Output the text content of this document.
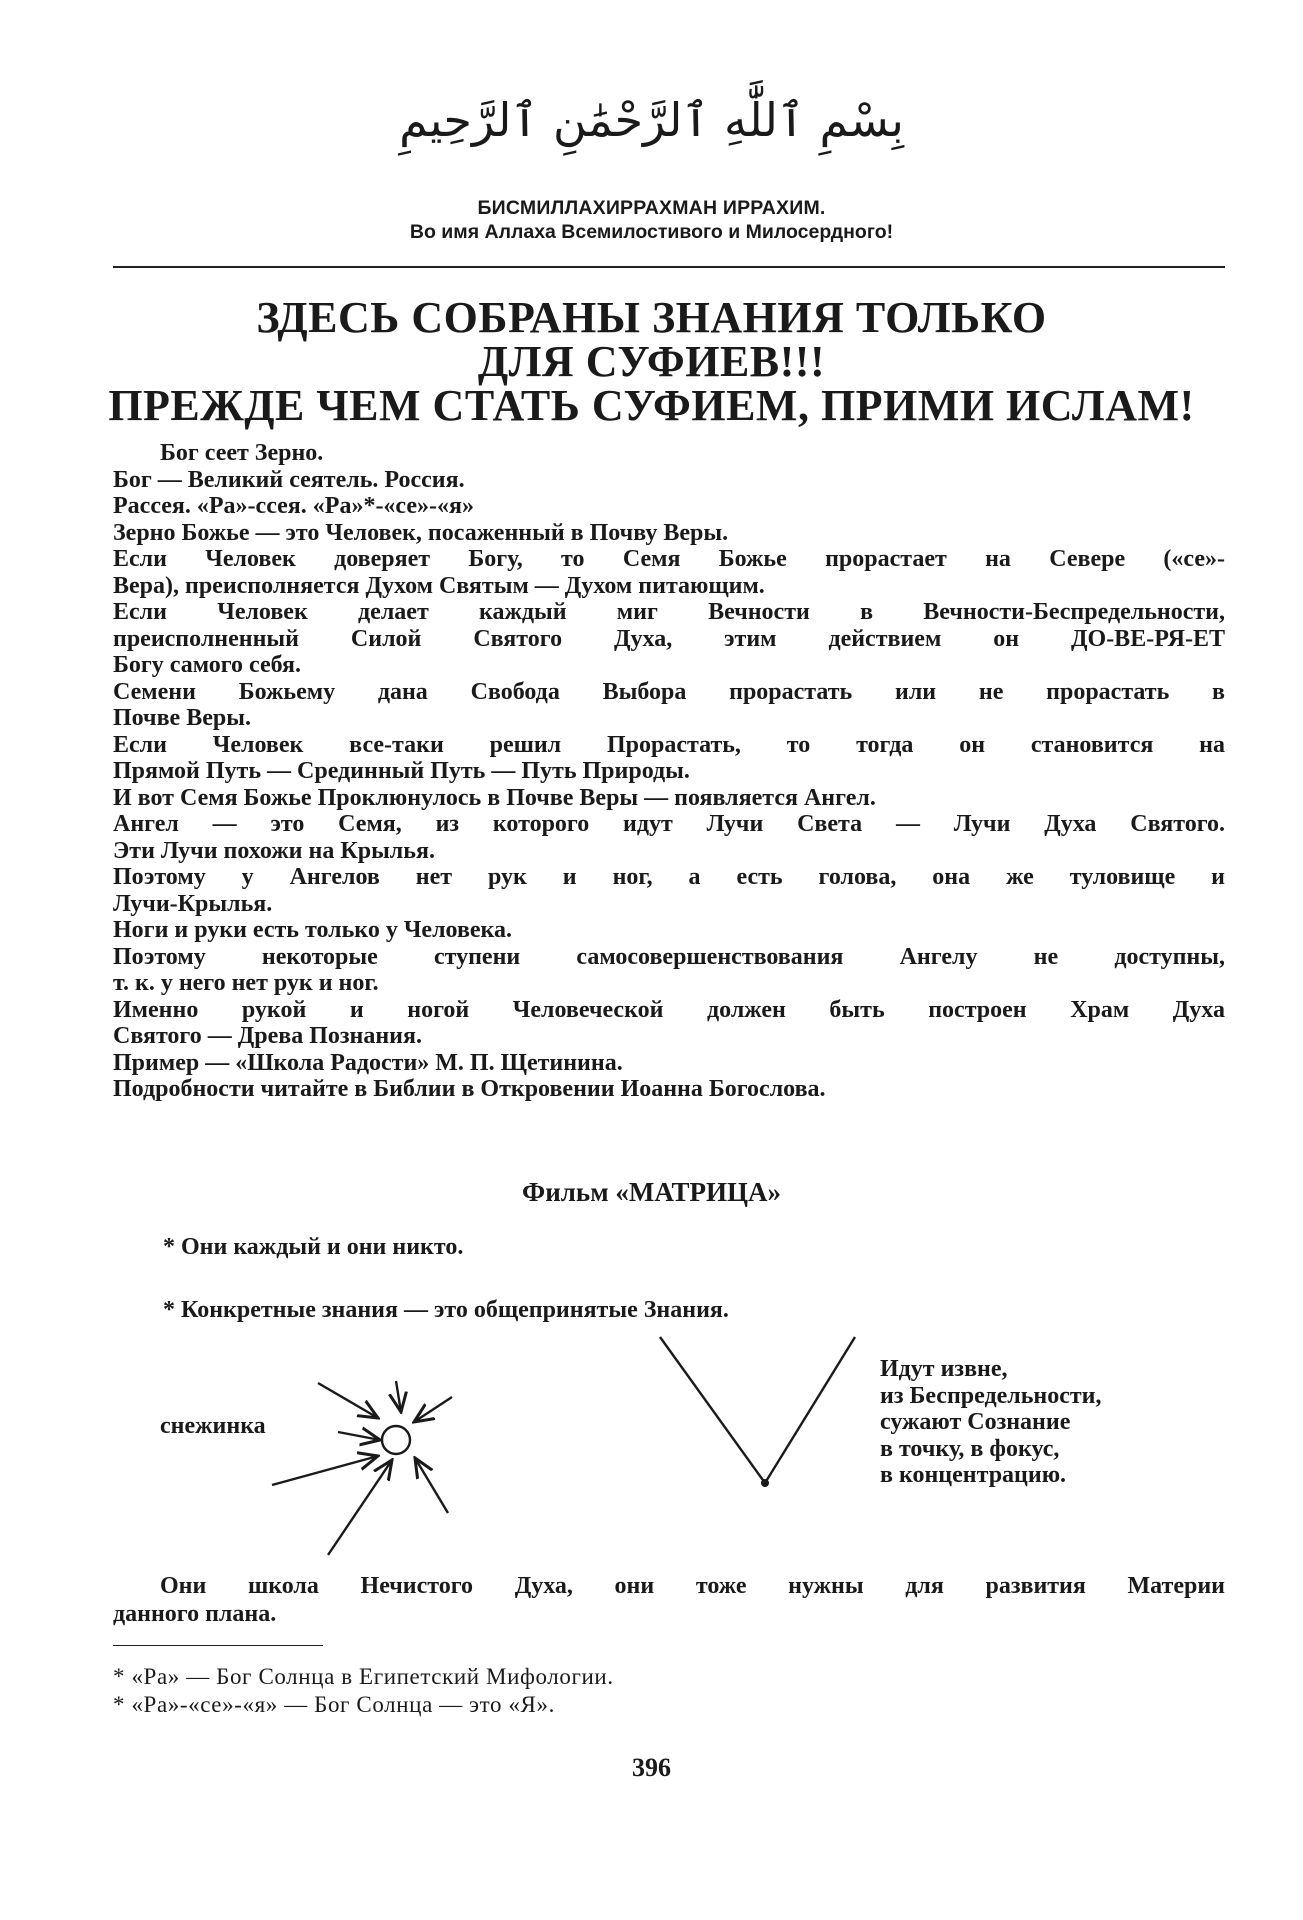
بِسْمِ ٱللَّٰهِ ٱلرَّحْمَٰنِ ٱلرَّحِيمِ
БИСМИЛЛАХИРРАХМАН ИРРАХИМ.
Во имя Аллаха Всемилостивого и Милосердного!
ЗДЕСЬ СОБРАНЫ ЗНАНИЯ ТОЛЬКО
ДЛЯ СУФИЕВ!!!
ПРЕЖДЕ ЧЕМ СТАТЬ СУФИЕМ, ПРИМИ ИСЛАМ!
Бог сеет Зерно.
Бог — Великий сеятель. Россия.
Рассея. «Ра»-ссея. «Ра»*-«се»-«я»
Зерно Божье — это Человек, посаженный в Почву Веры.
Если Человек доверяет Богу, то Семя Божье прорастает на Севере («се»-
Вера), преисполняется Духом Святым — Духом питающим.
Если Человек делает каждый миг Вечности в Вечности-Беспредельности,
преисполненный Силой Святого Духа, этим действием он ДО-ВЕ-РЯ-ЕТ
Богу самого себя.
Семени Божьему дана Свобода Выбора прорастать или не прорастать в
Почве Веры.
Если Человек все-таки решил Прорастать, то тогда он становится на
Прямой Путь — Срединный Путь — Путь Природы.
И вот Семя Божье Проклюнулось в Почве Веры — появляется Ангел.
Ангел — это Семя, из которого идут Лучи Света — Лучи Духа Святого.
Эти Лучи похожи на Крылья.
Поэтому у Ангелов нет рук и ног, а есть голова, она же туловище и
Лучи-Крылья.
Ноги и руки есть только у Человека.
Поэтому некоторые ступени самосовершенствования Ангелу не доступны,
т. к. у него нет рук и ног.
Именно рукой и ногой Человеческой должен быть построен Храм Духа
Святого — Древа Познания.
Пример — «Школа Радости» М. П. Щетинина.
Подробности читайте в Библии в Откровении Иоанна Богослова.
Фильм «МАТРИЦА»
* Они каждый и они никто.
* Конкретные знания — это общепринятые Знания.
снежинка
Идут извне,
из Беспредельности,
сужают Сознание
в точку, в фокус,
в концентрацию.
Они школа Нечистого Духа, они тоже нужны для развития Материи
данного плана.
* «Ра» — Бог Солнца в Египетский Мифологии.
* «Ра»-«се»-«я» — Бог Солнца — это «Я».
396
